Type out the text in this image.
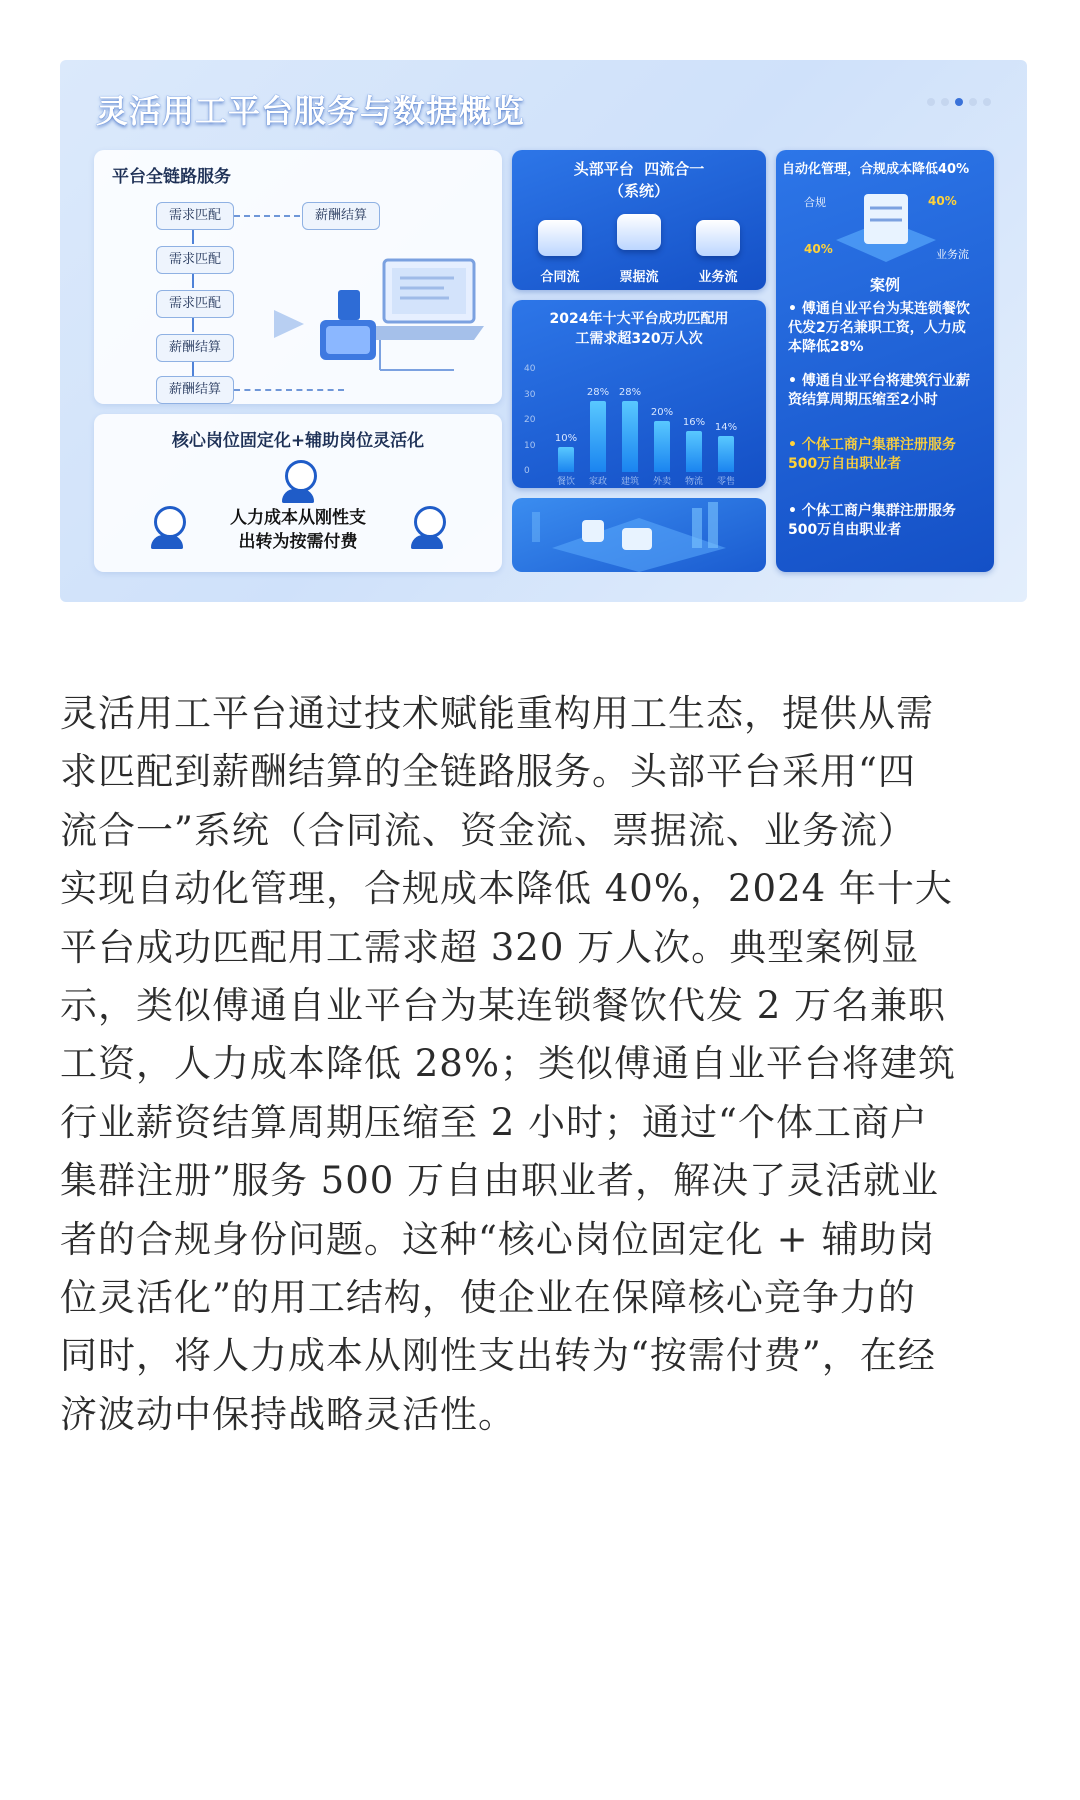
灵活用工平台服务与数据概览
平台全链路服务
需求匹配
需求匹配
需求匹配
薪酬结算
薪酬结算
薪酬结算
核心岗位固定化+辅助岗位灵活化
人力成本从刚性支
出转为按需付费
头部平台  四流合一
（系统）
合同流	票据流	业务流
2024年十大平台成功匹配用
工需求超320万人次
40
30
20
10
0
10%
餐饮
28%
家政
28%
建筑
20%
外卖
16%
物流
14%
零售
自动化管理，合规成本降低40%
合规	40%
40%	业务流
案例
• 傅通自业平台为某连锁餐饮代发2万名兼职工资，人力成本降低28%
• 傅通自业平台将建筑行业薪资结算周期压缩至2小时
• 个体工商户集群注册服务500万自由职业者
• 个体工商户集群注册服务500万自由职业者

灵活用工平台通过技术赋能重构用工生态，提供从需

求匹配到薪酬结算的全链路服务。头部平台采用“四

流合一”系统（合同流、资金流、票据流、业务流）

实现自动化管理，合规成本降低 40%，2024 年十大

平台成功匹配用工需求超 320 万人次。典型案例显

示，类似傅通自业平台为某连锁餐饮代发 2 万名兼职

工资，人力成本降低 28%；类似傅通自业平台将建筑

行业薪资结算周期压缩至 2 小时；通过“个体工商户

集群注册”服务 500 万自由职业者，解决了灵活就业

者的合规身份问题。这种“核心岗位固定化 + 辅助岗

位灵活化”的用工结构，使企业在保障核心竞争力的

同时，将人力成本从刚性支出转为“按需付费”，在经

济波动中保持战略灵活性。
